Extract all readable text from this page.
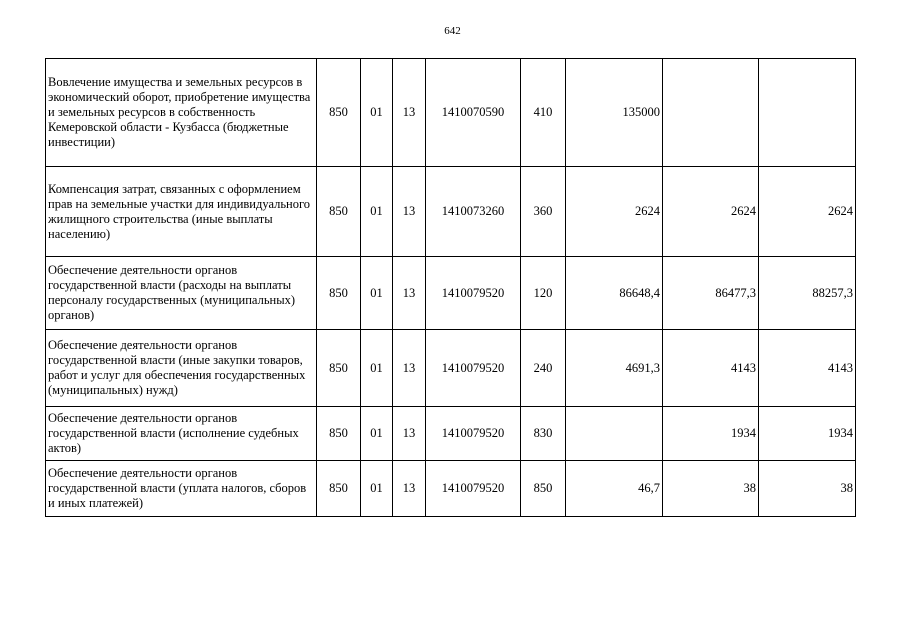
642
Вовлечение имущества и земельных ресурсов в экономический оборот, приобретение имущества и земельных ресурсов в собственность Кемеровской области - Кузбасса (бюджетные инвестиции)	850	01	13	1410070590	410	135000		
Компенсация затрат, связанных с оформлением прав на земельные участки для индивидуального жилищного строительства (иные выплаты населению)	850	01	13	1410073260	360	2624	2624	2624
Обеспечение деятельности органов государственной власти (расходы на выплаты персоналу государственных (муниципальных) органов)	850	01	13	1410079520	120	86648,4	86477,3	88257,3
Обеспечение деятельности органов государственной власти (иные закупки товаров, работ и услуг для обеспечения государственных (муниципальных) нужд)	850	01	13	1410079520	240	4691,3	4143	4143
Обеспечение деятельности органов государственной власти (исполнение судебных актов)	850	01	13	1410079520	830		1934	1934
Обеспечение деятельности органов государственной власти (уплата налогов, сборов и иных платежей)	850	01	13	1410079520	850	46,7	38	38
